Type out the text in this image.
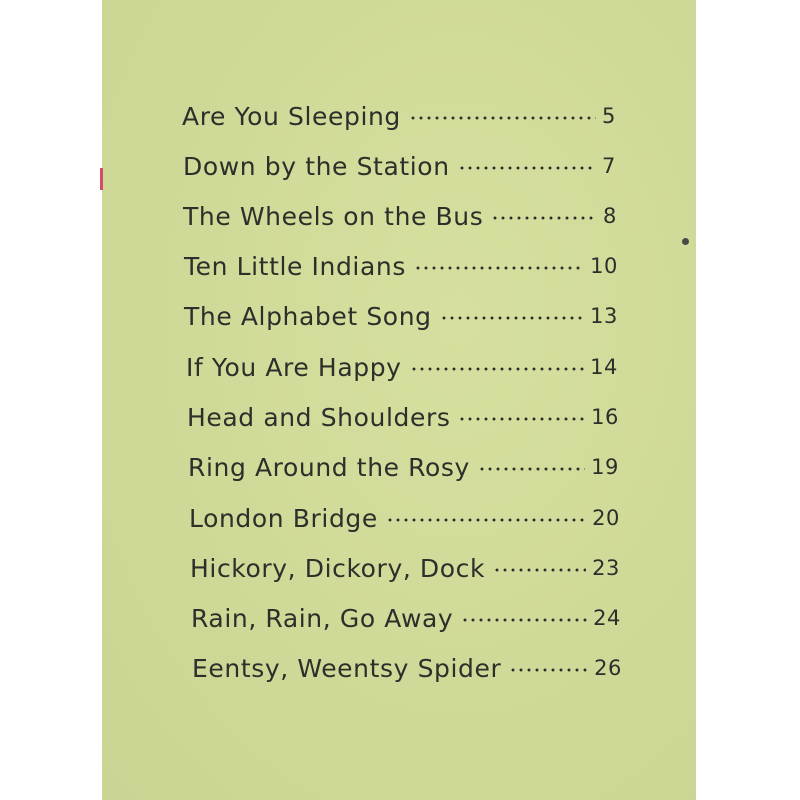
Are You Sleeping	5
Down by the Station	7
The Wheels on the Bus	8
Ten Little Indians	10
The Alphabet Song	13
If You Are Happy	14
Head and Shoulders	16
Ring Around the Rosy	19
London Bridge	20
Hickory, Dickory, Dock	23
Rain, Rain, Go Away	24
Eentsy, Weentsy Spider	26
